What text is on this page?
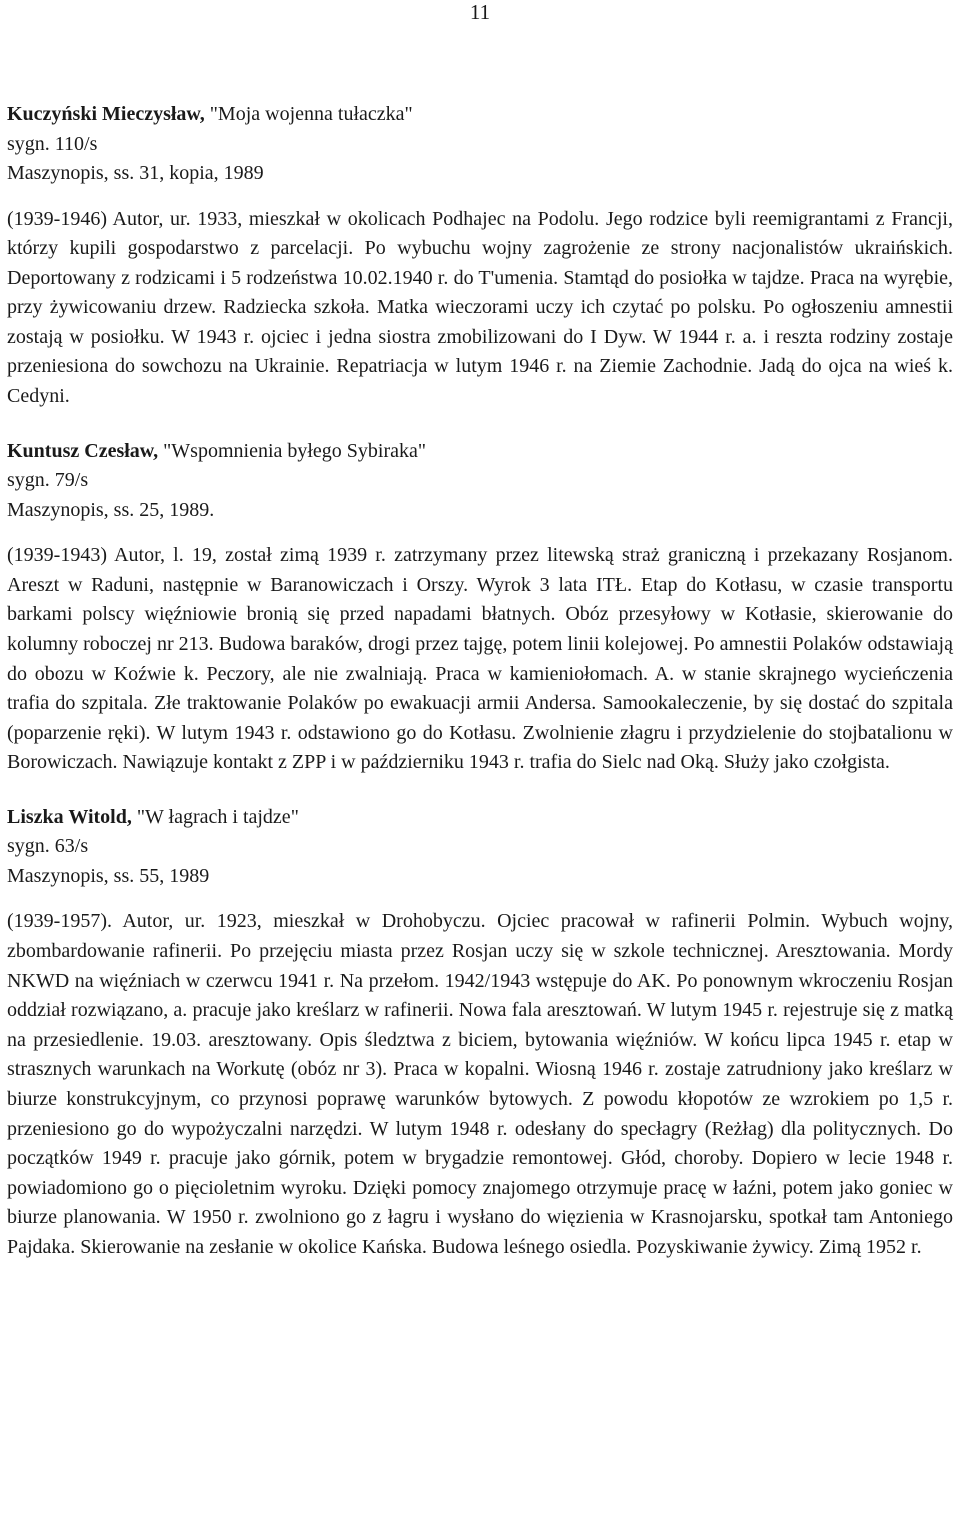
11
Kuczyński Mieczysław, "Moja wojenna tułaczka"
sygn. 110/s
Maszynopis, ss. 31, kopia, 1989
(1939-1946) Autor, ur. 1933, mieszkał w okolicach Podhajec na Podolu. Jego rodzice byli reemigrantami z Francji, którzy kupili gospodarstwo z parcelacji. Po wybuchu wojny zagrożenie ze strony nacjonalistów ukraińskich. Deportowany z rodzicami i 5 rodzeństwa 10.02.1940 r. do T'umenia. Stamtąd do posiołka w tajdze. Praca na wyrębie, przy żywicowaniu drzew. Radziecka szkoła. Matka wieczorami uczy ich czytać po polsku. Po ogłoszeniu amnestii zostają w posiołku. W 1943 r. ojciec i jedna siostra zmobilizowani do I Dyw. W 1944 r. a. i reszta rodziny zostaje przeniesiona do sowchozu na Ukrainie. Repatriacja w lutym 1946 r. na Ziemie Zachodnie. Jadą do ojca na wieś k. Cedyni.
Kuntusz Czesław, "Wspomnienia byłego Sybiraka"
sygn. 79/s
Maszynopis, ss. 25, 1989.
(1939-1943) Autor, l. 19, został zimą 1939 r. zatrzymany przez litewską straż graniczną i przekazany Rosjanom. Areszt w Raduni, następnie w Baranowiczach i Orszy. Wyrok 3 lata ITŁ. Etap do Kotłasu, w czasie transportu barkami polscy więźniowie bronią się przed napadami błatnych. Obóz przesyłowy w Kotłasie, skierowanie do kolumny roboczej nr 213. Budowa baraków, drogi przez tajgę, potem linii kolejowej. Po amnestii Polaków odstawiają do obozu w Koźwie k. Peczory, ale nie zwalniają. Praca w kamieniołomach. A. w stanie skrajnego wycieńczenia trafia do szpitala. Złe traktowanie Polaków po ewakuacji armii Andersa. Samookaleczenie, by się dostać do szpitala (poparzenie ręki). W lutym 1943 r. odstawiono go do Kotłasu. Zwolnienie złagru i przydzielenie do stojbatalionu w Borowiczach. Nawiązuje kontakt z ZPP i w październiku 1943 r. trafia do Sielc nad Oką. Służy jako czołgista.
Liszka Witold, "W łagrach i tajdze"
sygn. 63/s
Maszynopis, ss. 55, 1989
(1939-1957). Autor, ur. 1923, mieszkał w Drohobyczu. Ojciec pracował w rafinerii Polmin. Wybuch wojny, zbombardowanie rafinerii. Po przejęciu miasta przez Rosjan uczy się w szkole technicznej. Aresztowania. Mordy NKWD na więźniach w czerwcu 1941 r. Na przełom. 1942/1943 wstępuje do AK. Po ponownym wkroczeniu Rosjan oddział rozwiązano, a. pracuje jako kreślarz w rafinerii. Nowa fala aresztowań. W lutym 1945 r. rejestruje się z matką na przesiedlenie. 19.03. aresztowany. Opis śledztwa z biciem, bytowania więźniów. W końcu lipca 1945 r. etap w strasznych warunkach na Workutę (obóz nr 3). Praca w kopalni. Wiosną 1946 r. zostaje zatrudniony jako kreślarz w biurze konstrukcyjnym, co przynosi poprawę warunków bytowych. Z powodu kłopotów ze wzrokiem po 1,5 r. przeniesiono go do wypożyczalni narzędzi. W lutym 1948 r. odesłany do specłagry (Reżłag) dla politycznych. Do początków 1949 r. pracuje jako górnik, potem w brygadzie remontowej. Głód, choroby. Dopiero w lecie 1948 r. powiadomiono go o pięcioletnim wyroku. Dzięki pomocy znajomego otrzymuje pracę w łaźni, potem jako goniec w biurze planowania. W 1950 r. zwolniono go z łagru i wysłano do więzienia w Krasnojarsku, spotkał tam Antoniego Pajdaka. Skierowanie na zesłanie w okolice Kańska. Budowa leśnego osiedla. Pozyskiwanie żywicy. Zimą 1952 r.
